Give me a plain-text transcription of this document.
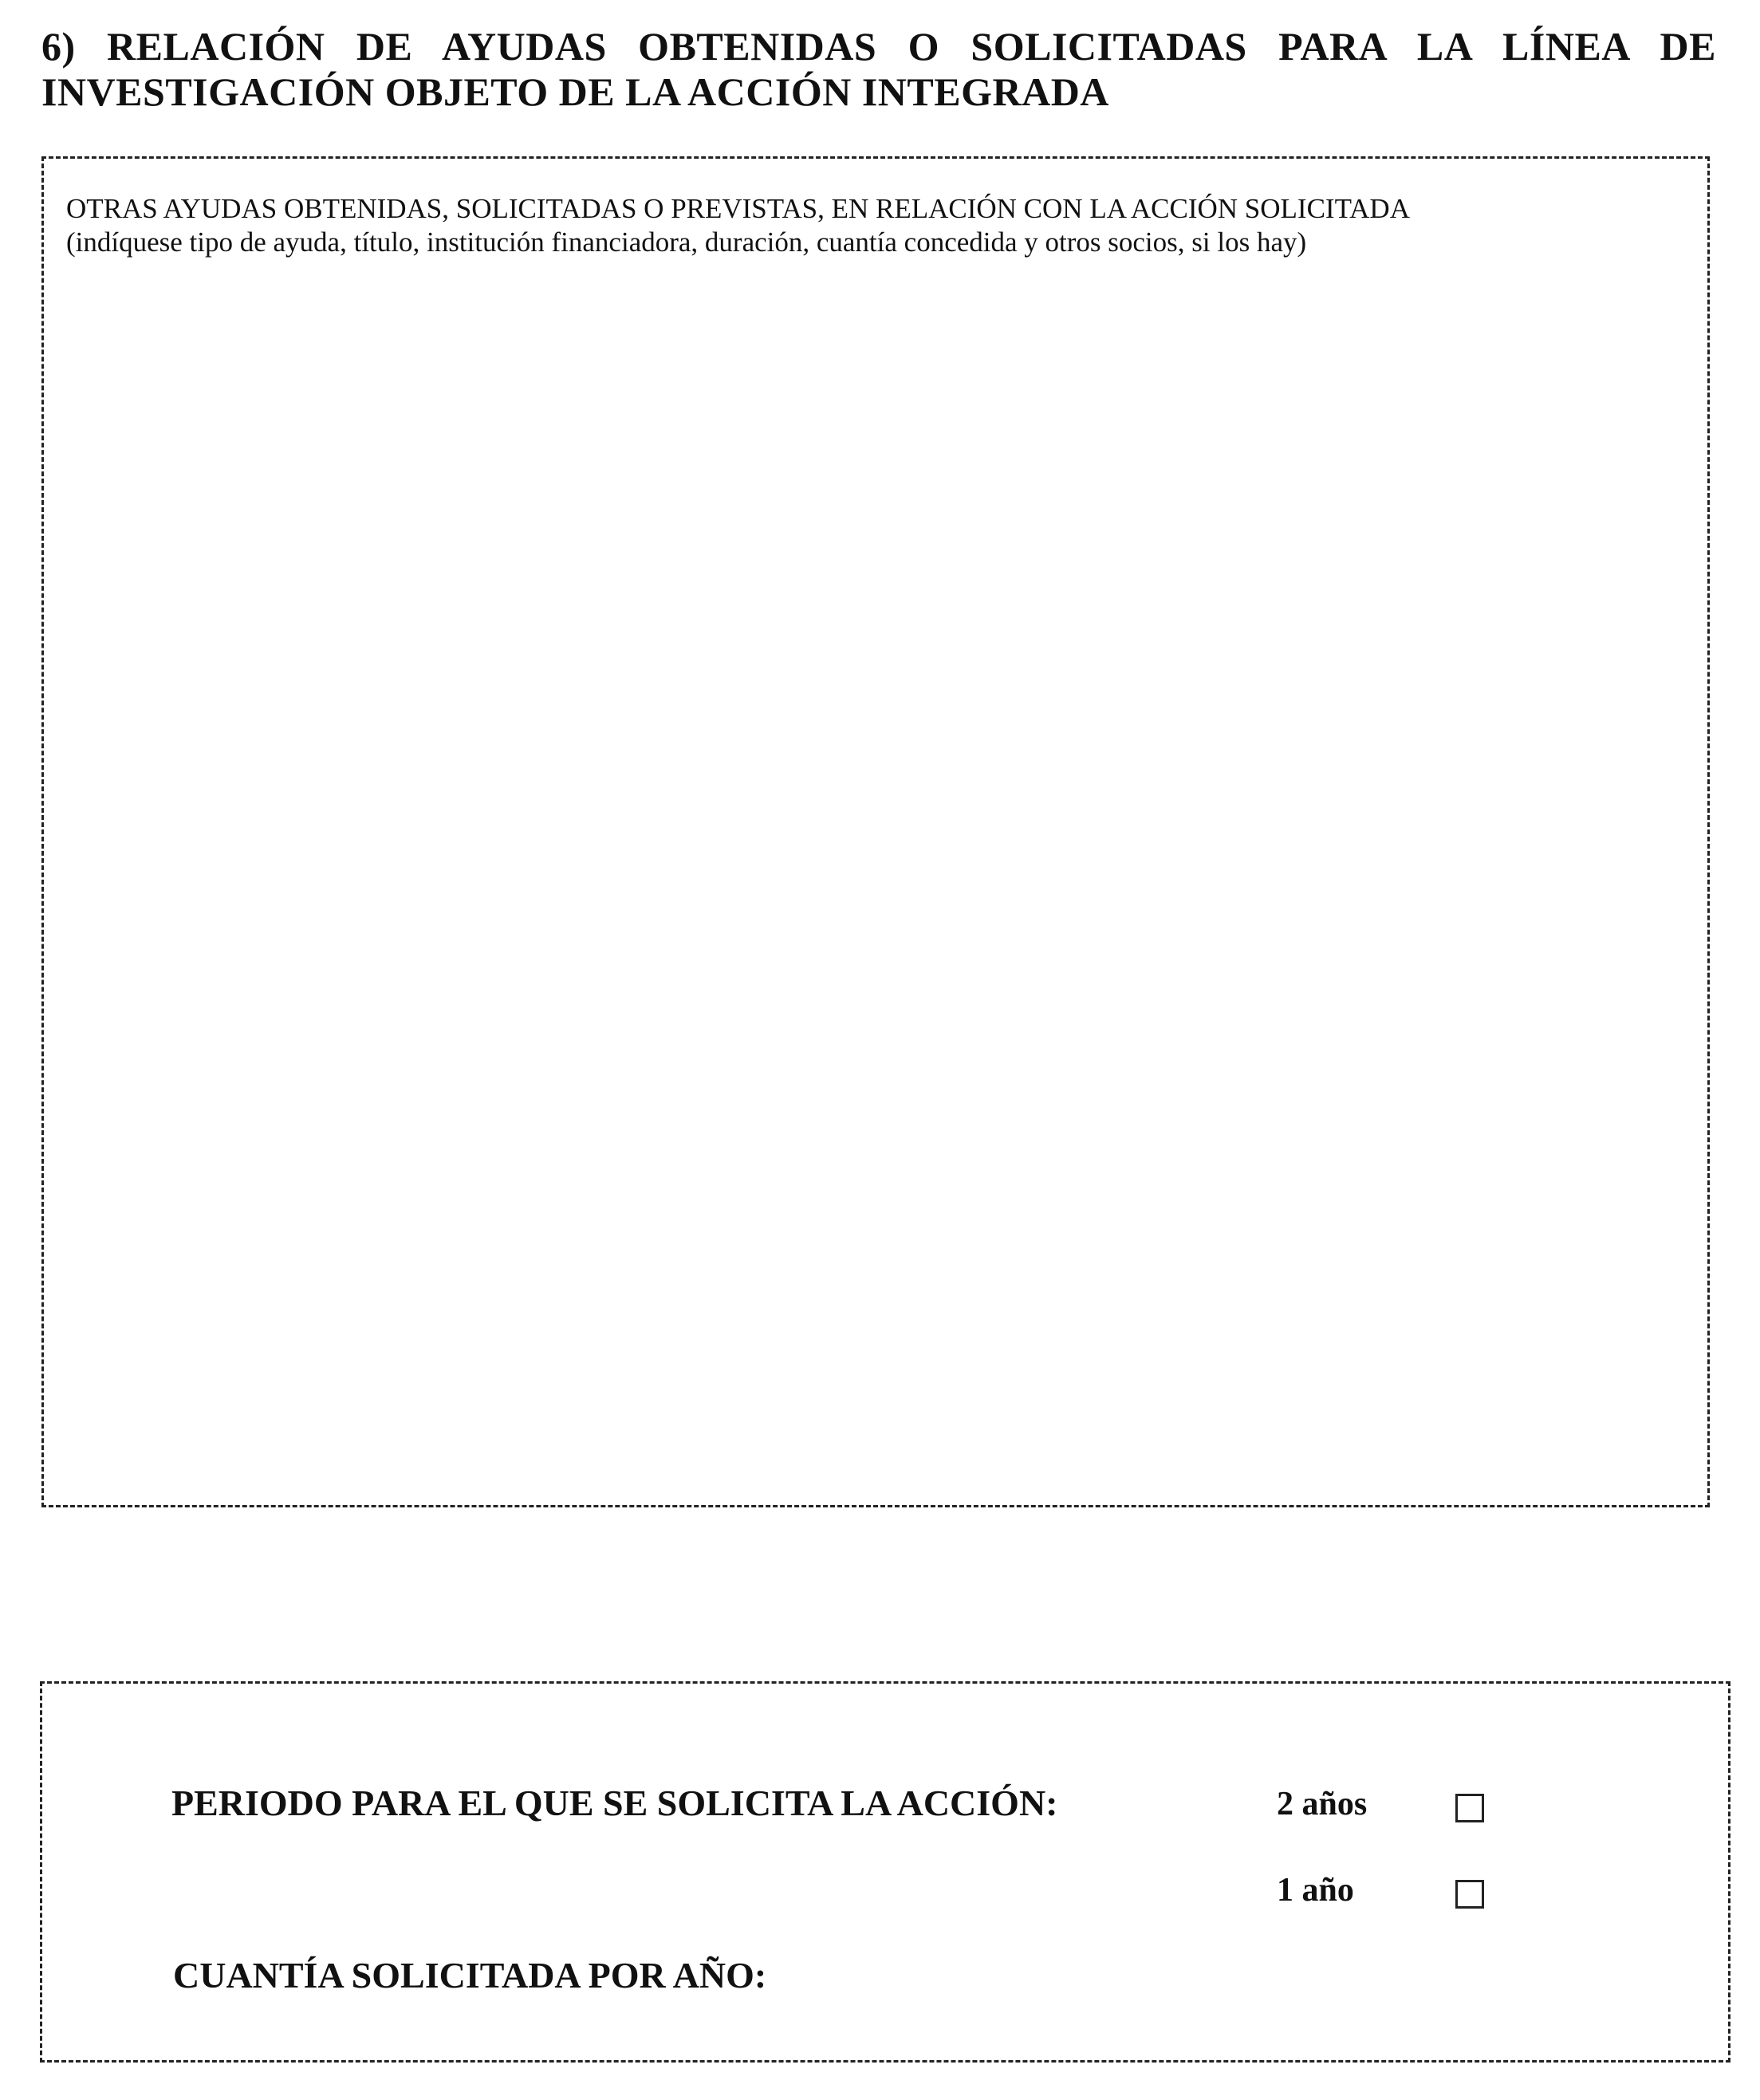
6) RELACIÓN DE AYUDAS OBTENIDAS O SOLICITADAS PARA LA LÍNEA DE
INVESTIGACIÓN OBJETO DE LA ACCIÓN INTEGRADA
OTRAS AYUDAS OBTENIDAS, SOLICITADAS O PREVISTAS, EN RELACIÓN CON LA ACCIÓN SOLICITADA
(indíquese tipo de ayuda, título, institución financiadora, duración, cuantía concedida y otros socios, si los hay)
PERIODO PARA EL QUE SE SOLICITA LA ACCIÓN:	2 años
1 año
CUANTÍA SOLICITADA POR AÑO:
